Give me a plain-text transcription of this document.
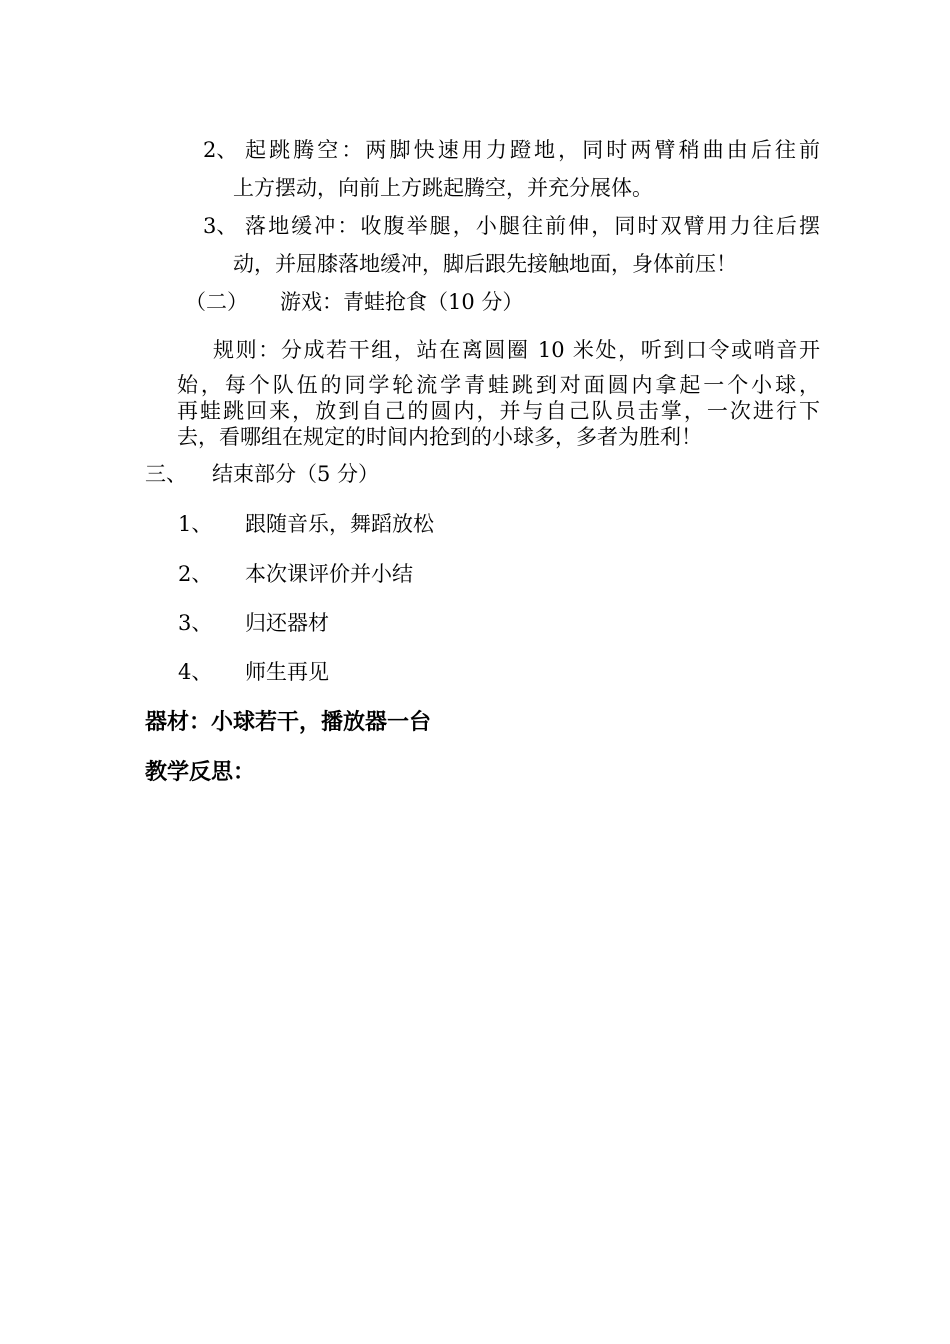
2、 起跳腾空：两脚快速用力蹬地，同时两臂稍曲由后往前
上方摆动，向前上方跳起腾空，并充分展体。
3、 落地缓冲：收腹举腿，小腿往前伸，同时双臂用力往后摆
动，并屈膝落地缓冲，脚后跟先接触地面，身体前压！
（二） 游戏：青蛙抢食（10 分）
规则：分成若干组，站在离圆圈 10 米处，听到口令或哨音开
始，每个队伍的同学轮流学青蛙跳到对面圆内拿起一个小球，
再蛙跳回来，放到自己的圆内，并与自己队员击掌，一次进行下
去，看哪组在规定的时间内抢到的小球多，多者为胜利！
三、 结束部分（5 分）
1、 跟随音乐，舞蹈放松
2、 本次课评价并小结
3、 归还器材
4、 师生再见
器材：小球若干，播放器一台
教学反思：
